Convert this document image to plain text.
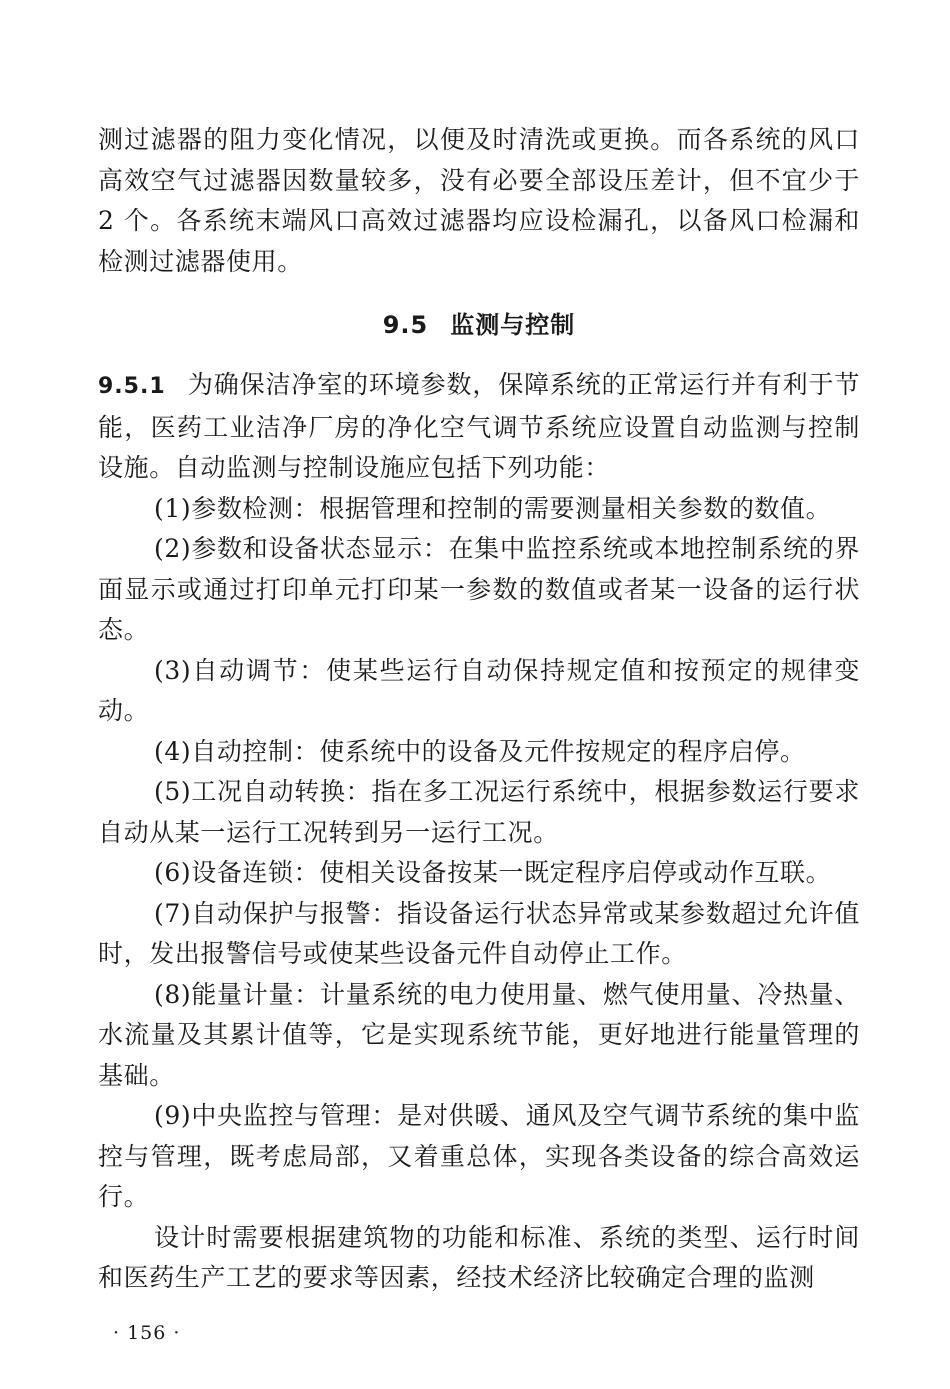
测过滤器的阻力变化情况，以便及时清洗或更换。而各系统的风口高效空气过滤器因数量较多，没有必要全部设压差计，但不宜少于 2 个。各系统末端风口高效过滤器均应设检漏孔，以备风口检漏和检测过滤器使用。

9.5 监测与控制

9.5.1 为确保洁净室的环境参数，保障系统的正常运行并有利于节能，医药工业洁净厂房的净化空气调节系统应设置自动监测与控制设施。自动监测与控制设施应包括下列功能：

(1)参数检测：根据管理和控制的需要测量相关参数的数值。

(2)参数和设备状态显示：在集中监控系统或本地控制系统的界面显示或通过打印单元打印某一参数的数值或者某一设备的运行状态。

(3)自动调节：使某些运行自动保持规定值和按预定的规律变动。

(4)自动控制：使系统中的设备及元件按规定的程序启停。

(5)工况自动转换：指在多工况运行系统中，根据参数运行要求自动从某一运行工况转到另一运行工况。

(6)设备连锁：使相关设备按某一既定程序启停或动作互联。

(7)自动保护与报警：指设备运行状态异常或某参数超过允许值时，发出报警信号或使某些设备元件自动停止工作。

(8)能量计量：计量系统的电力使用量、燃气使用量、冷热量、水流量及其累计值等，它是实现系统节能，更好地进行能量管理的基础。

(9)中央监控与管理：是对供暖、通风及空气调节系统的集中监控与管理，既考虑局部，又着重总体，实现各类设备的综合高效运行。

设计时需要根据建筑物的功能和标准、系统的类型、运行时间和医药生产工艺的要求等因素，经技术经济比较确定合理的监测

· 156 ·
